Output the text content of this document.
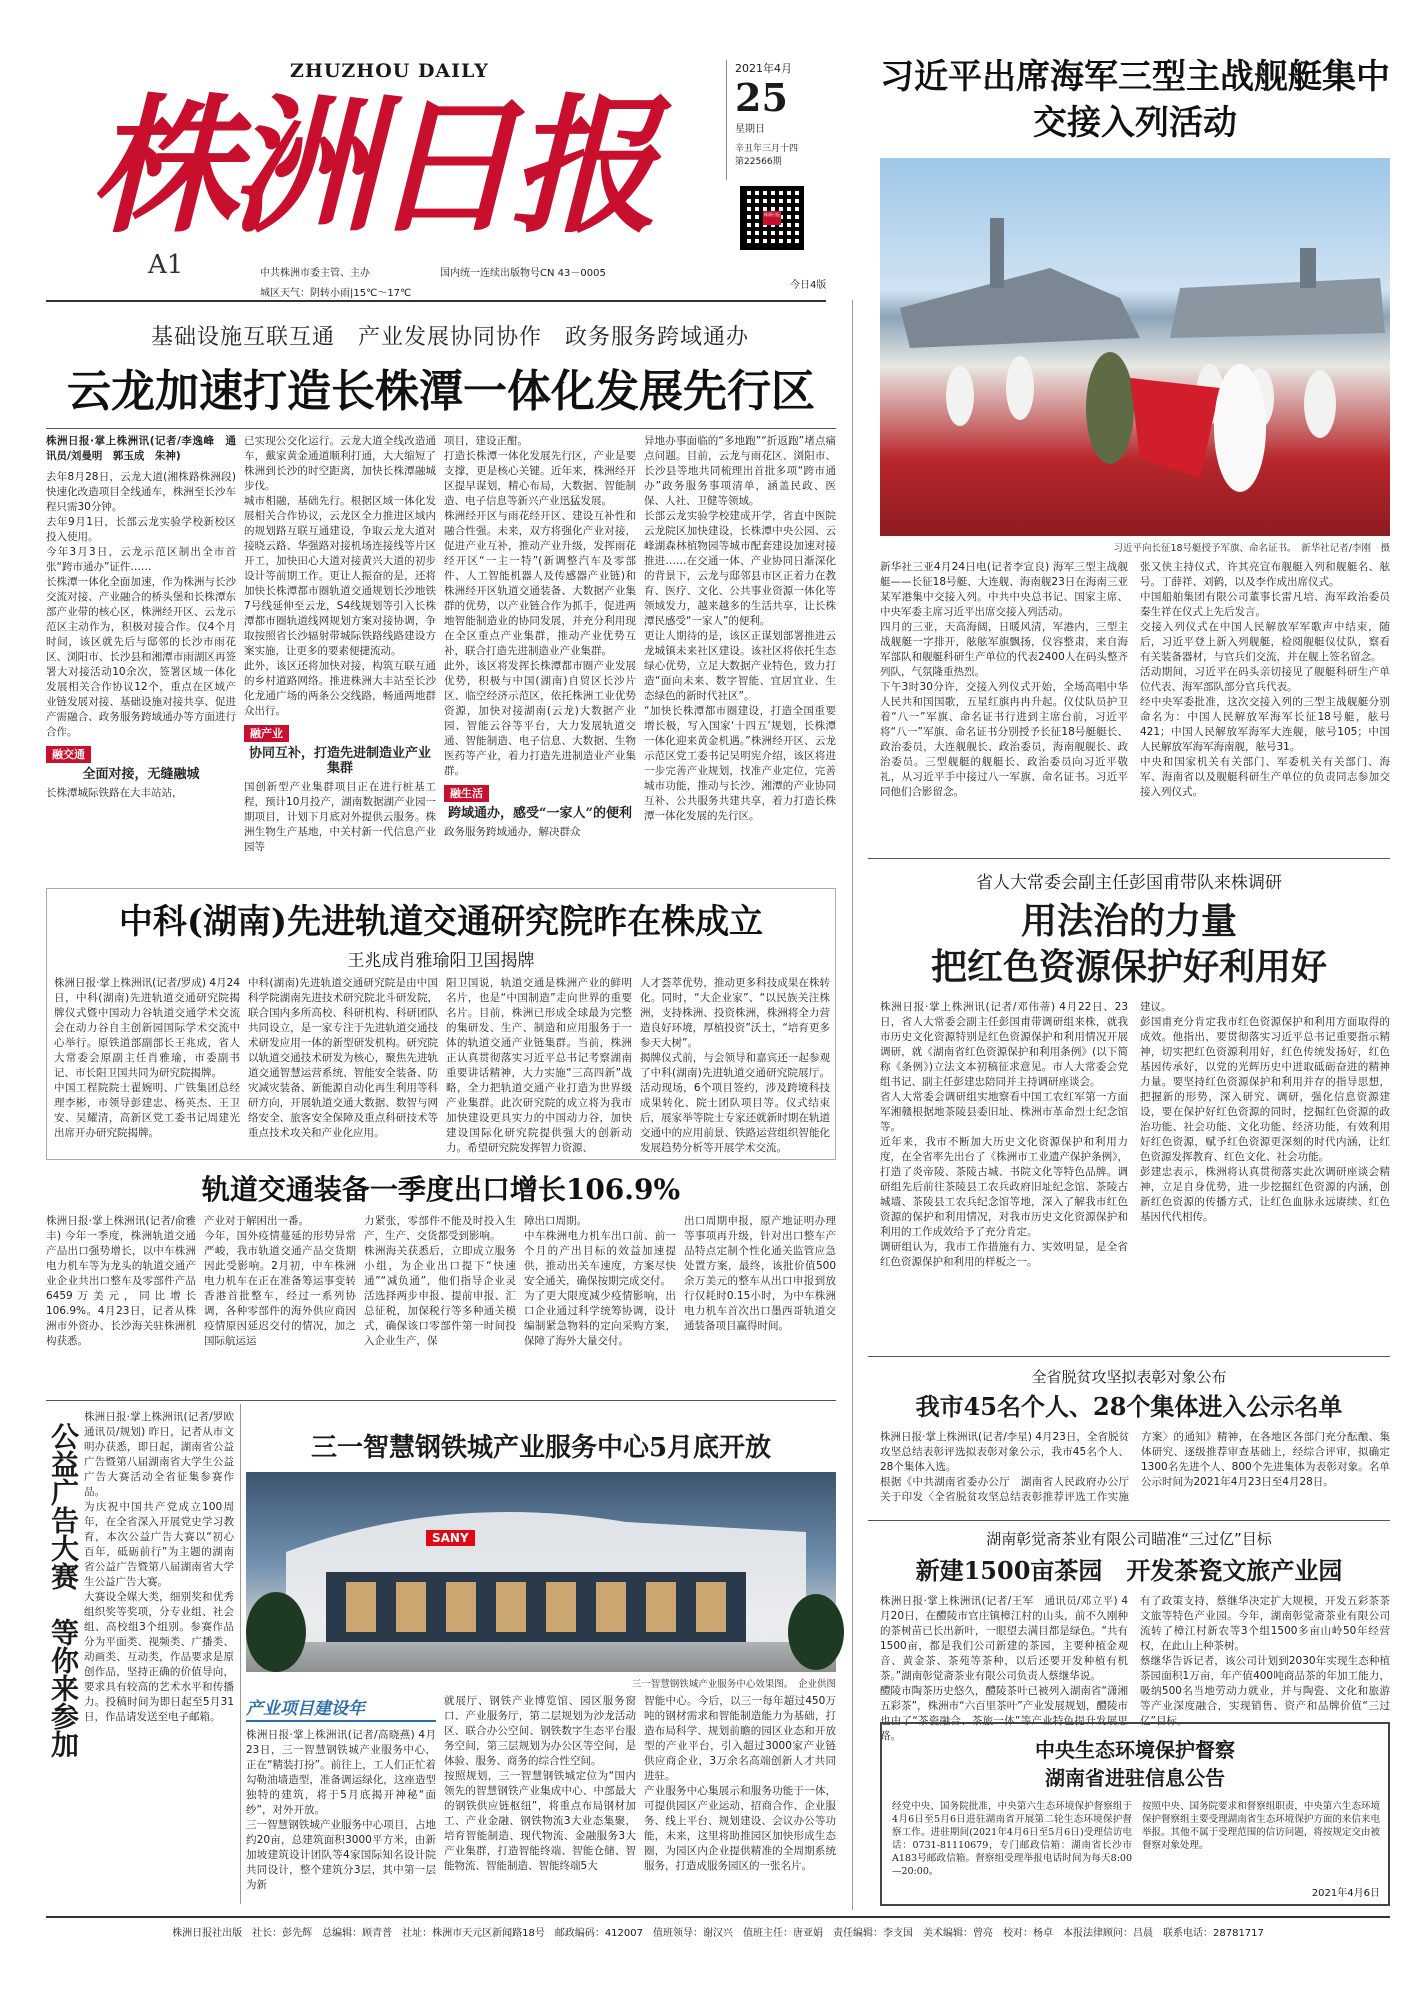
ZHUZHOU DAILY
株洲日报
A1	中共株洲市委主管、主办	国内统一连续出版物号CN 43－0005
城区天气：阴转小雨|15℃～17℃
2021年4月
25
星期日
辛丑年三月十四
第22566期
株洲日报
今日4版
习近平出席海军三型主战舰艇集中交接入列活动
习近平向长征18号艇授予军旗、命名证书。　新华社记者/李刚　摄
新华社三亚4月24日电(记者李宣良) 海军三型主战舰艇——长征18号艇、大连舰、海南舰23日在海南三亚某军港集中交接入列。中共中央总书记、国家主席、中央军委主席习近平出席交接入列活动。
四月的三亚，天高海阔，日暖风清，军港内，三型主战舰艇一字排开，舷舷军旗飘扬，仪容整肃，来自海军部队和舰艇科研生产单位的代表2400人在码头整齐列队，气氛隆重热烈。
下午3时30分许，交接入列仪式开始，全场高唱中华人民共和国国歌，五星红旗冉冉升起。仪仗队员护卫着“八一”军旗、命名证书行进到主席台前，习近平将“八一”军旗、命名证书分别授予长征18号艇艇长、政治委员，大连舰舰长、政治委员，海南舰舰长、政治委员。三型舰艇的舰艇长、政治委员向习近平敬礼，从习近平手中接过八一军旗、命名证书。习近平同他们合影留念。
张又侠主持仪式，许其亮宣布舰艇入列和舰艇名、舷号。丁薛祥、刘鹤，以及李作成出席仪式。
中国船舶集团有限公司董事长雷凡培、海军政治委员秦生祥在仪式上先后发言。
交接入列仪式在中国人民解放军军歌声中结束，随后，习近平登上新入列舰艇，检阅舰艇仪仗队，察看有关装备器材，与官兵们交流，并在舰上签名留念。
活动期间，习近平在码头亲切接见了舰艇科研生产单位代表、海军部队部分官兵代表。
经中央军委批准，这次交接入列的三型主战舰艇分别命名为：中国人民解放军海军长征18号艇，舷号421；中国人民解放军海军大连舰，舷号105；中国人民解放军海军海南舰，舷号31。
中央和国家机关有关部门、军委机关有关部门、海军、海南省以及舰艇科研生产单位的负责同志参加交接入列仪式。
基础设施互联互通　产业发展协同协作　政务服务跨域通办
云龙加速打造长株潭一体化发展先行区
株洲日报·掌上株洲讯(记者/李逸峰　通讯员/刘曼明　郭玉成　朱神)
去年8月28日，云龙大道(湘株路株洲段)快速化改造项目全线通车，株洲至长沙车程只需30分钟。
去年9月1日，长部云龙实验学校新校区投入使用。
今年3月3日，云龙示范区制出全市首张“跨市通办”证件……
长株潭一体化全面加速，作为株洲与长沙交流对接、产业融合的桥头堡和长株潭东部产业带的核心区，株洲经开区、云龙示范区主动作为，积极对接合作。仅4个月时间，该区就先后与邸邻的长沙市雨花区、浏阳市、长沙县和湘潭市雨湖区再签署大对接活动10余次，签署区域一体化发展相关合作协议12个，重点在区域产业链发展对接、基础设施对接共享、促进产需融合、政务服务跨域通办等方面进行合作。
融交通
全面对接，无缝融城
长株潭城际铁路在大丰站站，
已实现公交化运行。云龙大道全线改造通车，戴家黄金通道顺利打通，大大缩短了株洲到长沙的时空距离，加快长株潭融城步伐。
城市相融，基础先行。根据区域一体化发展相关合作协议，云龙区全力推进区域内的规划路互联互通建设，争取云龙大道对接晓云路、华强路对接机场连接线等片区开工，加快田心大道对接黄兴大道的初步设计等前期工作。更让人振奋的是，还将加快长株潭都市圈轨道交通规划长沙地铁7号线延伸至云龙，S4线规划等引入长株潭都市圈轨道线网规划方案对接协调，争取按照省长沙辐射带城际铁路线路建设方案实施，让更多的要素便捷流动。
此外，该区还将加快对接，构筑互联互通的乡村道路网络。推进株洲大丰站至长沙化龙通广场的两条公交线路，畅通两地群众出行。
融产业
协同互补，打造先进制造业产业集群
国创新型产业集群项目正在进行桩基工程，预计10月投产，湖南数据湖产业园一期项目，计划下月底对外提供云服务。株洲生物生产基地，中关村新一代信息产业园等
项目，建设正酣。
打造长株潭一体化发展先行区，产业是要支撑，更是核心关键。近年来，株洲经开区提早谋划，精心布局，大数据、智能制造、电子信息等新兴产业迅猛发展。
株洲经开区与雨花经开区、建设互补性和融合性强。未来，双方将强化产业对接，促进产业互补，推动产业升级，发挥雨花经开区“一主一特”(新调整汽车及零部件、人工智能机器人及传感器产业链)和株洲经开区轨道交通装备、大数据产业集群的优势，以产业链合作为抓手，促进两地智能制造业的协同发展，并充分利用现在全区重点产业集群，推动产业优势互补，联合打造先进制造业产业集群。
此外，该区将发挥长株潭都市圈产业发展优势，积极与中国(湖南)自贸区长沙片区、临空经济示范区，依托株洲工业优势资源，加快对接湖南(云龙)大数据产业园、智能云谷等平台，大力发展轨道交通、智能制造、电子信息、大数据、生物医药等产业，着力打造先进制造业产业集群。
融生活
跨域通办，感受“一家人”的便利
政务服务跨域通办，解决群众
异地办事面临的“多地跑”“折返跑”堵点痛点问题。目前，云龙与雨花区、浏阳市、长沙县等地共同梳理出首批多项“跨市通办”政务服务事项清单，涵盖民政、医保、人社、卫健等领域。
长部云龙实验学校建成开学，省直中医院云龙院区加快建设，长株潭中央公园、云峰湖森林植物园等城市配套建设加速对接推进……在交通一体、产业协同日渐深化的背景下，云龙与邸邻县市区正着力在教育、医疗、文化、公共事业资源一体化等领域发力，越来越多的生活共享，让长株潭民感受“一家人”的便利。
更让人期待的是，该区正谋划部署推进云龙城镇未来社区建设。该社区将依托生态绿心优势，立足大数据产业特色，致力打造“面向未来、数字智能、宜居宜业、生态绿色的新时代社区”。
“加快长株潭都市圈建设，打造全国重要增长极，写入国家‘十四五’规划，长株潭一体化迎来黄金机遇。”株洲经开区、云龙示范区党工委书记吴明宪介绍，该区将进一步完善产业规划，找准产业定位，完善城市功能，推动与长沙、湘潭的产业协同互补、公共服务共建共享，着力打造长株潭一体化发展的先行区。
中科(湖南)先进轨道交通研究院昨在株成立
王兆成肖雅瑜阳卫国揭牌
株洲日报·掌上株洲讯(记者/罗成) 4月24日，中科(湖南)先进轨道交通研究院揭牌仪式暨中国动力谷轨道交通学术交流会在动力谷自主创新园国际学术交流中心举行。原铁道部副部长王兆成，省人大常委会原副主任肖雅瑜，市委副书记、市长阳卫国共同为研究院揭牌。
中国工程院院士翟婉明、广铁集团总经理李彬，市领导彭建忠、杨英杰、王卫安、吴耀清，高新区党工委书记周建光出席开办研究院揭牌。
中科(湖南)先进轨道交通研究院是由中国科学院湖南先进技术研究院北斗研发院，联合国内多所高校、科研机构、科研团队共同设立，是一家专注于先进轨道交通技术研发应用一体的新型研发机构。研究院以轨道交通技术研发为核心，聚焦先进轨道交通智慧运营系统、智能安全装备、防灾减灾装备、新能源自动化再生利用等科研方向，开展轨道交通大数据、数智与网络安全、旅客安全保障及重点科研技术等重点技术攻关和产业化应用。
阳卫国说，轨道交通是株洲产业的鲜明名片，也是“中国制造”走向世界的重要名片。目前，株洲已形成全球最为完整的集研发、生产、制造和应用服务于一体的轨道交通产业链集群。当前，株洲正认真贯彻落实习近平总书记考察湖南重要讲话精神，大力实施“三高四新”战略，全力把轨道交通产业打造为世界级产业集群。此次研究院的成立将为我市加快建设更具实力的中国动力谷，加快建设国际化研究院提供强大的创新动力。希望研究院发挥智力资源、
人才荟萃优势，推动更多科技成果在株转化。同时，“大企业家”、“以民族关注株洲，支持株洲、投资株洲，株洲将全力营造良好环境，厚植投资”沃土，“培育更多参天大树”。
揭牌仪式前，与会领导和嘉宾还一起参观了中科(湖南)先进轨道交通研究院展厅。活动现场，6个项目签约，涉及跨境科技成果转化、院士团队项目等。仪式结束后，展家举等院士专家还就新时期在轨道交通中的应用前景、铁路运营组织智能化发展趋势分析等开展学术交流。
轨道交通装备一季度出口增长106.9%
株洲日报·掌上株洲讯(记者/俞雅丰) 今年一季度，株洲轨道交通产品出口强势增长，以中车株洲电力机车等为龙头的轨道交通产业企业共出口整车及零部件产品6459万美元，同比增长106.9%。4月23日，记者从株洲市外资办、长沙海关驻株洲机构获悉。
产业对于解困出一番。
今年，国外疫情蔓延的形势异常严峻，我市轨道交通产品交货期因此受影响。2月初，中车株洲电力机车在正在准备筹运事变转香港首批整车，经过一系列协调，各种零部件的海外供应商因疫情原因延迟交付的情况，加之国际航运运
力紧张，零部件不能及时投入生产，生产、交货都受到影响。
株洲海关获悉后，立即成立服务小组，为企业出口提下“快速通”“减负通”，他们指导企业灵活选择两步申报、提前申报、汇总征税，加保税行等多种通关模式，确保该口零部件第一时间投入企业生产，保
障出口周期。
中车株洲电力机车出口前、前一个月的产出目标的效益加速提供，推动出关车速度，方案尽快安全通关，确保按期完成交付。
为了更大限度减少疫情影响，出口企业通过科学统筹协调，设计编制紧急物料的定向采购方案，保障了海外大量交付。
出口周期申报，原产地证明办理等事项再升级，针对出口整车产品特点定制个性化通关监管应急处置方案，最终，该批价值500余万美元的整车从出口申报到放行仅耗时0.15小时，为中车株洲电力机车首次出口墨西哥轨道交通装备项目赢得时间。
公益广告大赛　等你来参加
株洲日报·掌上株洲讯(记者/罗欧　通讯员/规划) 昨日，记者从市文明办获悉，即日起，湖南省公益广告暨第八届湖南省大学生公益广告大赛活动全省征集参赛作品。
为庆祝中国共产党成立100周年，在全省深入开展党史学习教育，本次公益广告大赛以“初心百年，砥砺前行”为主题的湖南省公益广告暨第八届湖南省大学生公益广告大赛。
大赛设全媒大类，细别奖和优秀组织奖等奖项，分专业组、社会组、高校组3个组别。参赛作品分为平面类、视频类、广播类、动画类、互动类，作品要求是原创作品，坚持正确的价值导向，要求具有较高的艺术水平和传播力。投稿时间为即日起至5月31日，作品请发送至电子邮箱。
三一智慧钢铁城产业服务中心5月底开放
SANY
三一智慧钢铁城产业服务中心效果图。　企业供图
产业项目建设年
株洲日报·掌上株洲讯(记者/高晓燕) 4月23日，三一智慧钢铁城产业服务中心，正在“精装打扮”。前往上，工人们正忙着勾勒油墙造型，准备调运绿化，这座造型独特的建筑，将于5月底揭开神秘“面纱”，对外开放。
三一智慧钢铁城产业服务中心项目，占地约20亩，总建筑面积3000平方米，由新加坡建筑设计团队等4家国际知名设计院共同设计，整个建筑分3层，其中第一层为新
就展厅、钢铁产业博览馆、园区服务窗口、产业服务厅，第二层规划为沙龙活动区、联合办公空间、钢铁数字生态平台服务空间，第三层规划为办公区等空间，是体验、服务、商务的综合性空间。
按照规划，三一智慧钢铁城定位为“国内领先的智慧钢铁产业集成中心、中部最大的钢铁供应链枢纽”，将重点布局钢材加工、产业金融、钢铁物流3大业态集聚，培育智能制造、现代物流、金融服务3大产业集群，打造智能终端、智能仓储、智能物流、智能制造、智能终端5大
智能中心。今后，以三一每年超过450万吨的钢材需求和智能制造能力为基础，打造布局科学、规划前瞻的园区业态和开放型的产业平台，引入超过3000家产业链供应商企业，3万余名高端创新人才共同进驻。
产业服务中心集展示和服务功能于一体，可提供园区产业运动、招商合作、企业服务、线上平台、规划建设、会议办公等功能，未来，这里将助推园区加快形成生态圈，为园区内企业提供精准的全周期系统服务，打造成服务园区的一张名片。
省人大常委会副主任彭国甫带队来株调研
用法治的力量
把红色资源保护好利用好
株洲日报·掌上株洲讯(记者/邓伟蒂) 4月22日、23日，省人大常委会副主任彭国甫带调研组来株，就我市历史文化资源特别是红色资源保护和利用情况开展调研，就《湖南省红色资源保护和利用条例》(以下简称《条例》)立法文本初稿征求意见。市人大常委会党组书记、副主任彭建忠陪同并主持调研座谈会。
省人大常委会调研组实地察看中国工农红军第一方面军湘赣根据地茶陵县委旧址、株洲市革命烈士纪念馆等。
近年来，我市不断加大历史文化资源保护和利用力度，在全省率先出台了《株洲市工业遗产保护条例》，打造了炎帝陵、茶陵古城、书院文化等特色品牌。调研组先后前往茶陵县工农兵政府旧址纪念馆、茶陵古城墙、茶陵县工农兵纪念馆等地，深入了解我市红色资源的保护和利用情况，对我市历史文化资源保护和利用的工作成效给予了充分肯定。
调研组认为，我市工作措施有力、实效明显，是全省红色资源保护和利用的样板之一。
建议。
彭国甫充分肯定我市红色资源保护和利用方面取得的成效。他指出，要贯彻落实习近平总书记重要指示精神，切实把红色资源利用好，红色传统发扬好，红色基因传承好，以党的光辉历史中迸取砥砺奋进的精神力量。要坚持红色资源保护和利用并存的指导思想，把握新的形势，深入研究、调研，强化信息资源建设，要在保护好红色资源的同时，挖掘红色资源的政治功能、社会功能、文化功能、经济功能，有效利用好红色资源，赋予红色资源更深刻的时代内涵，让红色资源发挥教育、红色文化、社会功能。
彭建忠表示，株洲将认真贯彻落实此次调研座谈会精神，立足自身优势，进一步挖掘红色资源的内涵，创新红色资源的传播方式，让红色血脉永远赓续、红色基因代代相传。
全省脱贫攻坚拟表彰对象公布
我市45名个人、28个集体进入公示名单
株洲日报·掌上株洲讯(记者/李星) 4月23日，全省脱贫攻坚总结表彰评选拟表彰对象公示，我市45名个人、28个集体入选。
根据《中共湖南省委办公厅　湖南省人民政府办公厅关于印发〈全省脱贫攻坚总结表彰推荐评选工作实施方案〉的通知》精神，在各地区各部门充分酝酿、集体研究、逐级推荐审查基础上，经综合评审，拟确定1300名先进个人、800个先进集体为表彰对象。名单公示时间为2021年4月23日至4月28日。
湖南彰觉斋茶业有限公司瞄准“三过亿”目标
新建1500亩茶园　开发茶瓷文旅产业园
株洲日报·掌上株洲讯(记者/王军　通讯员/邓立平) 4月20日，在醴陵市官庄镇樟江村的山头，前不久刚种的茶树苗已长出新叶，一眼望去满目都是绿色。“共有1500亩，都是我们公司新建的茶园，主要种植金观音、黄金茶、茶苑等茶种，以后还要开发种植有机茶。”湖南彰觉斋茶业有限公司负责人蔡继华说。
醴陵市陶茶历史悠久，醴陵茶叶已被列入湖南省“潇湘五彩茶”，株洲市“六百里茶叶”产业发展规划，醴陵市也由了“茶瓷融合、茶旅一体”等产业特色提升发展思路。
有了政策支持，蔡继华决定扩大规模，开发五彩茶茶文旅等特色产业园。今年，湖南彰觉斋茶业有限公司流转了樟江村新农等3个组1500多亩山岭50年经营权，在此山上种茶树。
蔡继华告诉记者，该公司计划到2030年实现生态种植茶园面积1万亩，年产值400吨商品茶的年加工能力，吸纳500名当地劳动力就业，并与陶瓷、文化和旅游等产业深度融合，实现销售、资产和品牌价值“三过亿”目标。
中央生态环境保护督察
湖南省进驻信息公告
经党中央、国务院批准，中央第六生态环境保护督察组于4月6日至5月6日进驻湖南省开展第二轮生态环境保护督察工作。进驻期间(2021年4月6日至5月6日)受理信访电话：0731-81110679，专门邮政信箱：湖南省长沙市A183号邮政信箱。督察组受理举报电话时间为每天8:00—20:00。
按照中央、国务院要求和督察组职责，中央第六生态环境保护督察组主要受理湖南省生态环境保护方面的来信来电举报。其他不属于受理范围的信访问题，将按规定交由被督察对象处理。
2021年4月6日
株洲日报社出版　社长：彭先辉　总编辑：顾青普　社址：株洲市天元区新闻路18号　邮政编码：412007　值班领导：谢汉兴　值班主任：唐亚娟　责任编辑：李支国　美术编辑：曾亮　校对：杨卓　本报法律顾问：吕晨　联系电话：28781717
